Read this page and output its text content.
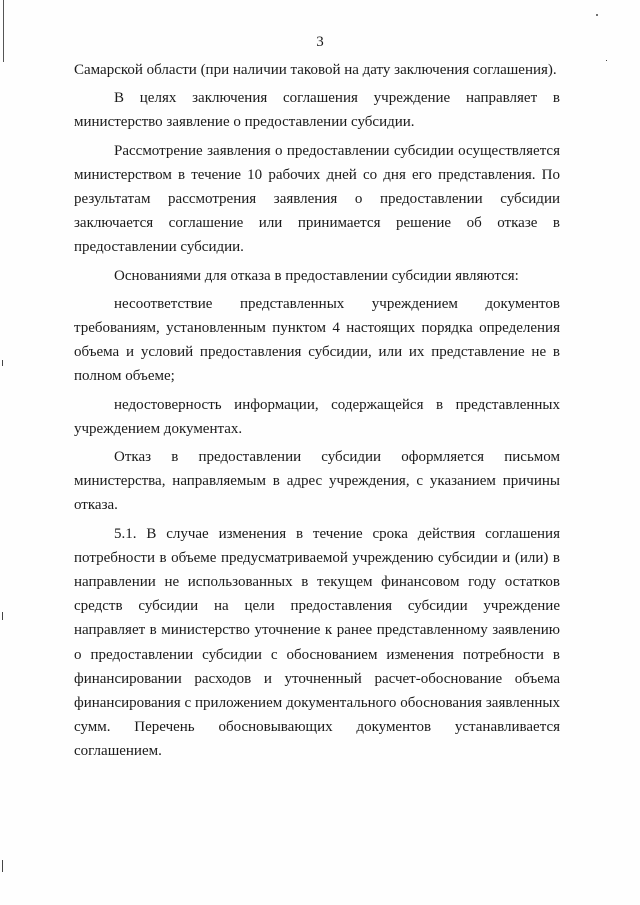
3

Самарской области (при наличии таковой на дату заключения соглашения).

В целях заключения соглашения учреждение направляет в министерство заявление о предоставлении субсидии.

Рассмотрение заявления о предоставлении субсидии осуществляется министерством в течение 10 рабочих дней со дня его представления. По результатам рассмотрения заявления о предоставлении субсидии заключается соглашение или принимается решение об отказе в предоставлении субсидии.

Основаниями для отказа в предоставлении субсидии являются:

несоответствие представленных учреждением документов требованиям, установленным пунктом 4 настоящих порядка определения объема и условий предоставления субсидии, или их представление не в полном объеме;

недостоверность информации, содержащейся в представленных учреждением документах.

Отказ в предоставлении субсидии оформляется письмом министерства, направляемым в адрес учреждения, с указанием причины отказа.

5.1. В случае изменения в течение срока действия соглашения потребности в объеме предусматриваемой учреждению субсидии и (или) в направлении не использованных в текущем финансовом году остатков средств субсидии на цели предоставления субсидии учреждение направляет в министерство уточнение к ранее представленному заявлению о предоставлении субсидии с обоснованием изменения потребности в финансировании расходов и уточненный расчет-обоснование объема финансирования с приложением документального обоснования заявленных сумм. Перечень обосновывающих документов устанавливается соглашением.
